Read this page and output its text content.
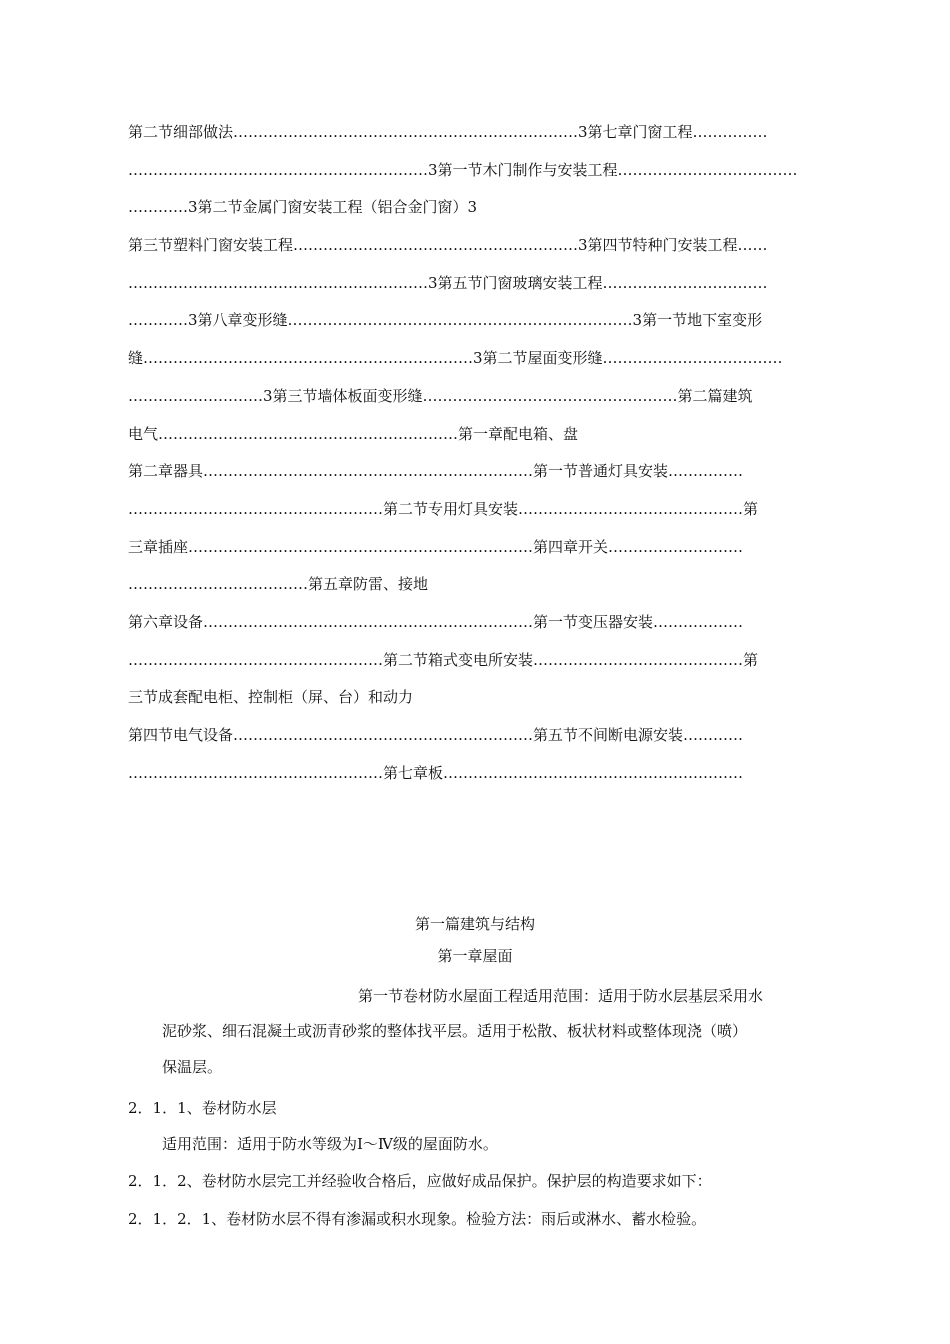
第二节细部做法……………………………………………………………3第七章门窗工程……………
……………………………………………………3第一节木门制作与安装工程………………………………
…………3第二节金属门窗安装工程（铝合金门窗）3
第三节塑料门窗安装工程…………………………………………………3第四节特种门安装工程……
……………………………………………………3第五节门窗玻璃安装工程……………………………
…………3第八章变形缝……………………………………………………………3第一节地下室变形
缝…………………………………………………………3第二节屋面变形缝………………………………
………………………3第三节墙体板面变形缝……………………………………………第二篇建筑
电气……………………………………………………第一章配电箱、盘
第二章器具…………………………………………………………第一节普通灯具安装……………
……………………………………………第二节专用灯具安装………………………………………第
三章插座……………………………………………………………第四章开关………………………
………………………………第五章防雷、接地
第六章设备…………………………………………………………第一节变压器安装………………
……………………………………………第二节箱式变电所安装……………………………………第
三节成套配电柜、控制柜（屏、台）和动力
第四节电气设备……………………………………………………第五节不间断电源安装…………
……………………………………………第七章板……………………………………………………
第一篇建筑与结构
第一章屋面
第一节卷材防水屋面工程适用范围：适用于防水层基层采用水
泥砂浆、细石混凝土或沥青砂浆的整体找平层。适用于松散、板状材料或整体现浇（喷）
保温层。
2．1．1、卷材防水层
适用范围：适用于防水等级为Ⅰ～Ⅳ级的屋面防水。
2．1．2、卷材防水层完工并经验收合格后，应做好成品保护。保护层的构造要求如下：
2．1．2．1、卷材防水层不得有渗漏或积水现象。检验方法：雨后或淋水、蓄水检验。
